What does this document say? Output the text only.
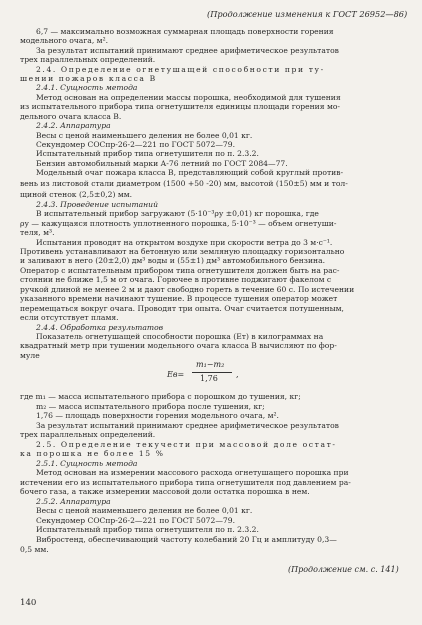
(Продолжение изменения к ГОСТ 26952—86)
6,7 — максимально возможная суммарная площадь поверхности горения
модельного очага, м².
За результат испытаний принимают среднее арифметическое результатов
трех параллельных определений.
2.4. Определение огнетушащей способности при ту-
шении пожаров класса В
2.4.1. Сущность метода
Метод основан на определении массы порошка, необходимой для тушения
из испытательного прибора типа огнетушителя единицы площади горения мо-
дельного очага класса В.
2.4.2. Аппаратура
Весы с ценой наименьшего деления не более 0,01 кг.
Секундомер СОСпр-26-2—221 по ГОСТ 5072—79.
Испытательный прибор типа огнетушителя по п. 2.3.2.
Бензин автомобильный марки А-76 летний по ГОСТ 2084—77.
Модельный очаг пожара класса В, представляющий собой круглый против-
вень из листовой стали диаметром (1500 +50 -20) мм, высотой (150±5) мм и тол-
щиной стенок (2,5±0,2) мм.
2.4.3. Проведение испытаний
В испытательный прибор загружают (5·10⁻³ρу ±0,01) кг порошка, где
ρу — кажущаяся плотность уплотненного порошка, 5·10⁻³ — объем огнетуши-
теля, м³.
Испытания проводят на открытом воздухе при скорости ветра до 3 м·с⁻¹.
Противень устанавливают на бетонную или земляную площадку горизонтально
и заливают в него (20±2,0) дм³ воды и (55±1) дм³ автомобильного бензина.
Оператор с испытательным прибором типа огнетушителя должен быть на рас-
стоянии не ближе 1,5 м от очага. Горючее в противне поджигают факелом с
ручкой длиной не менее 2 м и дают свободно гореть в течение 60 с. По истечении
указанного времени начинают тушение. В процессе тушения оператор может
перемещаться вокруг очага. Проводят три опыта. Очаг считается потушенным,
если отсутствует пламя.
2.4.4. Обработка результатов
Показатель огнетушащей способности порошка (Eт) в килограммах на
квадратный метр при тушении модельного очага класса В вычисляют по фор-
муле
Eв=
m₁−m₂
1,76 ,
где m₁ — масса испытательного прибора с порошком до тушения, кг;
m₂ — масса испытательного прибора после тушения, кг;
1,76 — площадь поверхности горения модельного очага, м².
За результат испытаний принимают среднее арифметическое результатов
трех параллельных определений.
2.5. Определение текучести при массовой доле остат-
ка порошка не более 15 %
2.5.1. Сущность метода
Метод основан на измерении массового расхода огнетушащего порошка при
истечении его из испытательного прибора типа огнетушителя под давлением ра-
бочего газа, а также измерении массовой доли остатка порошка в нем.
2.5.2. Аппаратура
Весы с ценой наименьшего деления не более 0,01 кг.
Секундомер СОСпр-26-2—221 по ГОСТ 5072—79.
Испытательный прибор типа огнетушителя по п. 2.3.2.
Вибростенд, обеспечивающий частоту колебаний 20 Гц и амплитуду 0,3—
0,5 мм.
(Продолжение см. с. 141)
140
